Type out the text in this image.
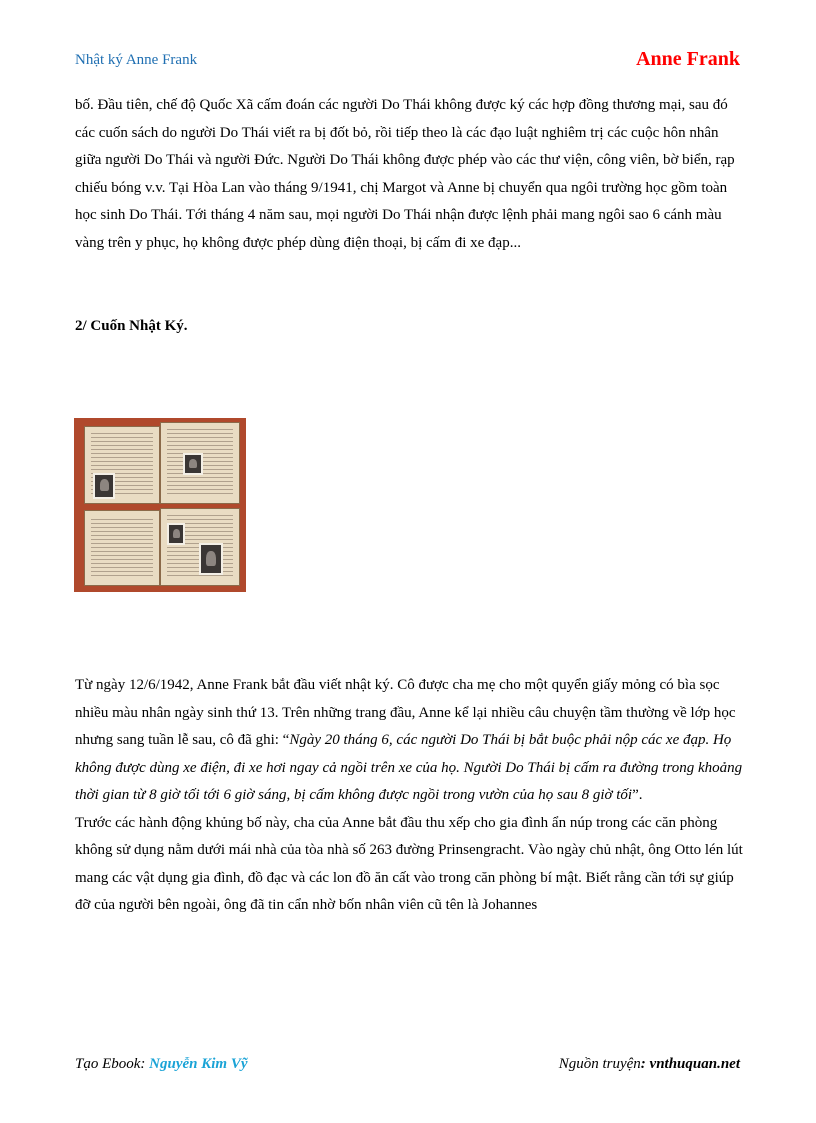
Nhật ký Anne Frank	Anne Frank
bố. Đầu tiên, chế độ Quốc Xã cấm đoán các người Do Thái không được ký các hợp đồng thương mại, sau đó các cuốn sách do người Do Thái viết ra bị đốt bỏ, rồi tiếp theo là các đạo luật nghiêm trị các cuộc hôn nhân giữa người Do Thái và người Đức. Người Do Thái không được phép vào các thư viện, công viên, bờ biển, rạp chiếu bóng v.v. Tại Hòa Lan vào tháng 9/1941, chị Margot và Anne bị chuyển qua ngôi trường học gồm toàn học sinh Do Thái. Tới tháng 4 năm sau, mọi người Do Thái nhận được lệnh phải mang ngôi sao 6 cánh màu vàng trên y phục, họ không được phép dùng điện thoại, bị cấm đi xe đạp...
2/ Cuốn Nhật Ký.
Từ ngày 12/6/1942, Anne Frank bắt đầu viết nhật ký. Cô được cha mẹ cho một quyển giấy mỏng có bìa sọc nhiều màu nhân ngày sinh thứ 13. Trên những trang đầu, Anne kể lại nhiều câu chuyện tầm thường về lớp học nhưng sang tuần lễ sau, cô đã ghi: “Ngày 20 tháng 6, các người Do Thái bị bắt buộc phải nộp các xe đạp. Họ không được dùng xe điện, đi xe hơi ngay cả ngồi trên xe của họ. Người Do Thái bị cấm ra đường trong khoảng thời gian từ 8 giờ tối tới 6 giờ sáng, bị cấm không được ngồi trong vườn của họ sau 8 giờ tối”.
Trước các hành động khủng bố này, cha của Anne bắt đầu thu xếp cho gia đình ẩn núp trong các căn phòng không sử dụng nằm dưới mái nhà của tòa nhà số 263 đường Prinsengracht. Vào ngày chủ nhật, ông Otto lén lút mang các vật dụng gia đình, đồ đạc và các lon đồ ăn cất vào trong căn phòng bí mật. Biết rằng cần tới sự giúp đỡ của người bên ngoài, ông đã tin cẩn nhờ bốn nhân viên cũ tên là Johannes
Tạo Ebook: Nguyễn Kim Vỹ	Nguồn truyện: vnthuquan.net
